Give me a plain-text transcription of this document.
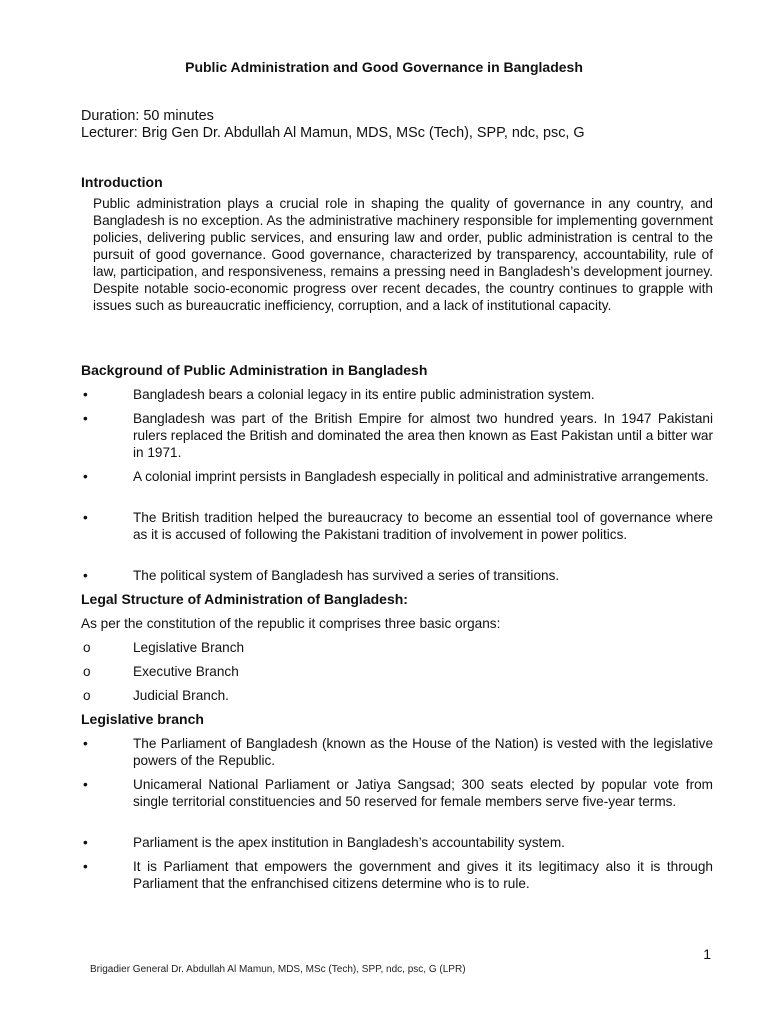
Public Administration and Good Governance in Bangladesh
Duration: 50 minutes
Lecturer: Brig Gen Dr. Abdullah Al Mamun, MDS, MSc (Tech), SPP, ndc, psc, G
Introduction
Public administration plays a crucial role in shaping the quality of governance in any country, and Bangladesh is no exception. As the administrative machinery responsible for implementing government policies, delivering public services, and ensuring law and order, public administration is central to the pursuit of good governance. Good governance, characterized by transparency, accountability, rule of law, participation, and responsiveness, remains a pressing need in Bangladesh’s development journey. Despite notable socio-economic progress over recent decades, the country continues to grapple with issues such as bureaucratic inefficiency, corruption, and a lack of institutional capacity.
Background of Public Administration in Bangladesh
•	Bangladesh bears a colonial legacy in its entire public administration system.
•	Bangladesh was part of the British Empire for almost two hundred years. In 1947 Pakistani rulers replaced the British and dominated the area then known as East Pakistan until a bitter war in 1971.
•	A colonial imprint persists in Bangladesh especially in political and administrative arrangements.
•	The British tradition helped the bureaucracy to become an essential tool of governance where as it is accused of following the Pakistani tradition of involvement in power politics.
•	The political system of Bangladesh has survived a series of transitions.
Legal Structure of Administration of Bangladesh:
As per the constitution of the republic it comprises three basic organs:
o	Legislative Branch
o	Executive Branch
o	Judicial Branch.
Legislative branch
•	The Parliament of Bangladesh (known as the House of the Nation) is vested with the legislative powers of the Republic.
•	Unicameral National Parliament or Jatiya Sangsad; 300 seats elected by popular vote from single territorial constituencies and 50 reserved for female members serve five-year terms.
•	Parliament is the apex institution in Bangladesh’s accountability system.
•	It is Parliament that empowers the government and gives it its legitimacy also it is through Parliament that the enfranchised citizens determine who is to rule.
1
Brigadier General Dr. Abdullah Al Mamun, MDS, MSc (Tech), SPP, ndc, psc, G (LPR)
